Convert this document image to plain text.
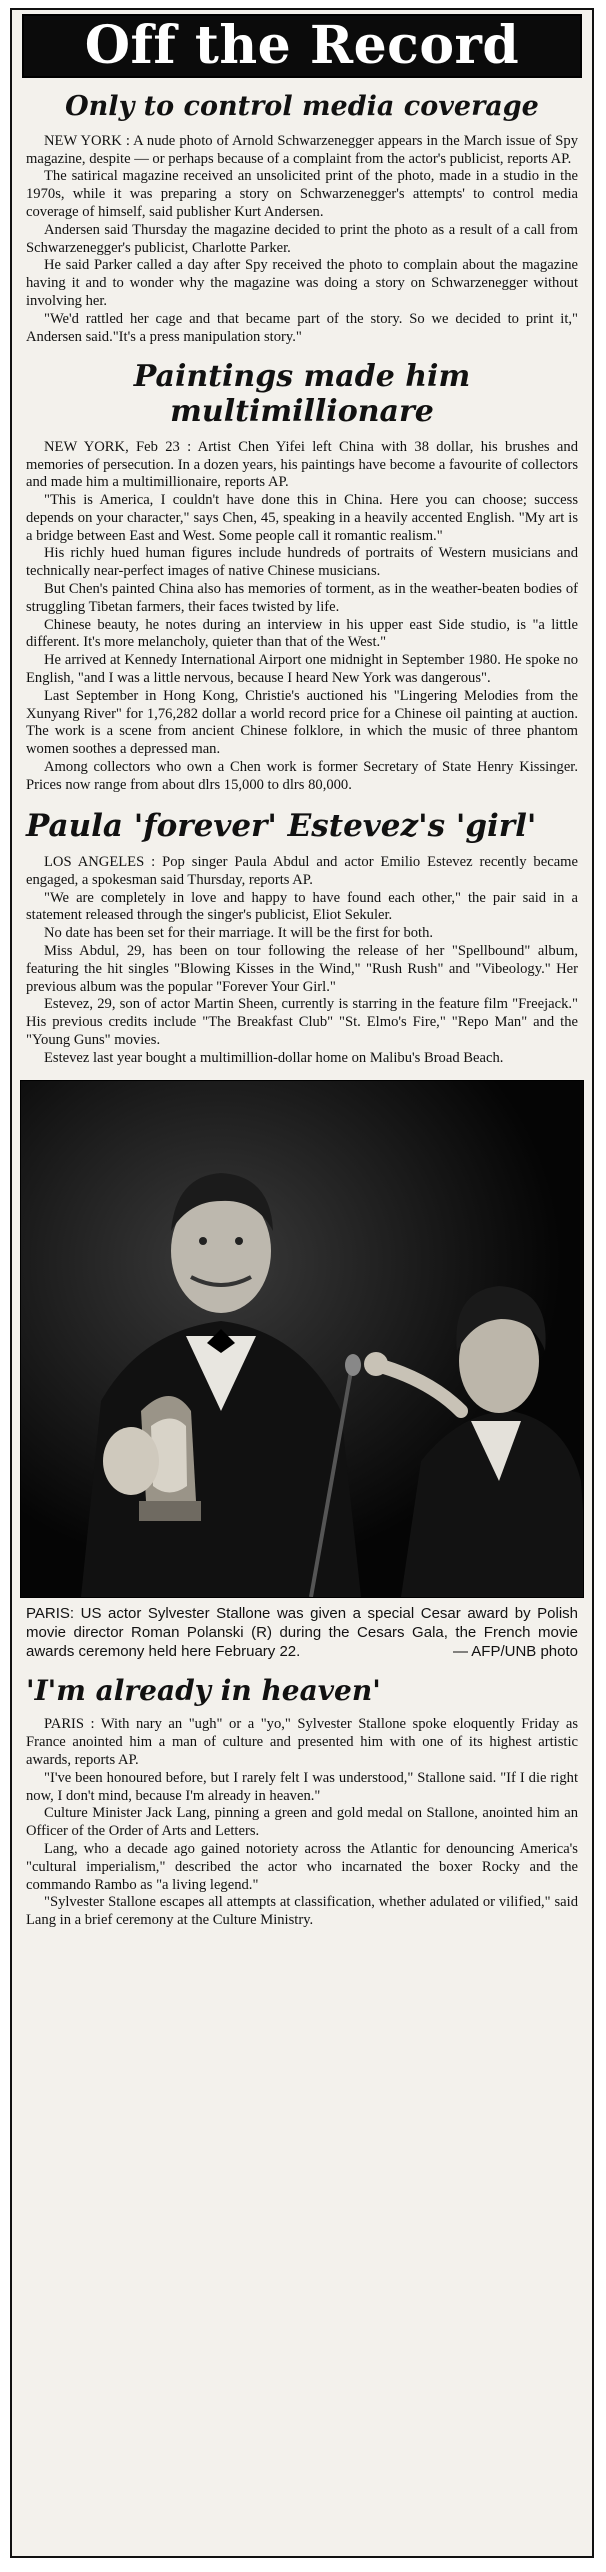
Off the Record
Only to control media coverage

NEW YORK : A nude photo of Arnold Schwarzenegger appears in the March issue of Spy magazine, despite — or perhaps because of a complaint from the actor's publicist, reports AP.

The satirical magazine received an unsolicited print of the photo, made in a studio in the 1970s, while it was preparing a story on Schwarzenegger's attempts' to control media coverage of himself, said publisher Kurt Andersen.

Andersen said Thursday the magazine decided to print the photo as a result of a call from Schwarzenegger's publicist, Charlotte Parker.

He said Parker called a day after Spy received the photo to complain about the magazine having it and to wonder why the magazine was doing a story on Schwarzenegger without involving her.

"We'd rattled her cage and that became part of the story. So we decided to print it," Andersen said."It's a press manipulation story."

Paintings made him multimillionare

NEW YORK, Feb 23 : Artist Chen Yifei left China with 38 dollar, his brushes and memories of persecution. In a dozen years, his paintings have become a favourite of collectors and made him a multimillionaire, reports AP.

"This is America, I couldn't have done this in China. Here you can choose; success depends on your character," says Chen, 45, speaking in a heavily accented English. "My art is a bridge between East and West. Some people call it romantic realism."

His richly hued human figures include hundreds of portraits of Western musicians and technically near-perfect images of native Chinese musicians.

But Chen's painted China also has memories of torment, as in the weather-beaten bodies of struggling Tibetan farmers, their faces twisted by life.

Chinese beauty, he notes during an interview in his upper east Side studio, is "a little different. It's more melancholy, quieter than that of the West."

He arrived at Kennedy International Airport one midnight in September 1980. He spoke no English, "and I was a little nervous, because I heard New York was dangerous".

Last September in Hong Kong, Christie's auctioned his "Lingering Melodies from the Xunyang River" for 1,76,282 dollar a world record price for a Chinese oil painting at auction. The work is a scene from ancient Chinese folklore, in which the music of three phantom women soothes a depressed man.

Among collectors who own a Chen work is former Secretary of State Henry Kissinger. Prices now range from about dlrs 15,000 to dlrs 80,000.

Paula 'forever' Estevez's 'girl'

LOS ANGELES : Pop singer Paula Abdul and actor Emilio Estevez recently became engaged, a spokesman said Thursday, reports AP.

"We are completely in love and happy to have found each other," the pair said in a statement released through the singer's publicist, Eliot Sekuler.

No date has been set for their marriage. It will be the first for both.

Miss Abdul, 29, has been on tour following the release of her "Spellbound" album, featuring the hit singles "Blowing Kisses in the Wind," "Rush Rush" and "Vibeology." Her previous album was the popular "Forever Your Girl."

Estevez, 29, son of actor Martin Sheen, currently is starring in the feature film "Freejack." His previous credits include "The Breakfast Club" "St. Elmo's Fire," "Repo Man" and the "Young Guns" movies.

Estevez last year bought a multimillion-dollar home on Malibu's Broad Beach.

PARIS: US actor Sylvester Stallone was given a special Cesar award by Polish movie director Roman Polanski (R) during the Cesars Gala, the French movie awards ceremony held here February 22.	— AFP/UNB photo
'I'm already in heaven'

PARIS : With nary an "ugh" or a "yo," Sylvester Stallone spoke eloquently Friday as France anointed him a man of culture and presented him with one of its highest artistic awards, reports AP.

"I've been honoured before, but I rarely felt I was understood," Stallone said. "If I die right now, I don't mind, because I'm already in heaven."

Culture Minister Jack Lang, pinning a green and gold medal on Stallone, anointed him an Officer of the Order of Arts and Letters.

Lang, who a decade ago gained notoriety across the Atlantic for denouncing America's "cultural imperialism," described the actor who incarnated the boxer Rocky and the commando Rambo as "a living legend."

"Sylvester Stallone escapes all attempts at classification, whether adulated or vilified," said Lang in a brief ceremony at the Culture Ministry.
